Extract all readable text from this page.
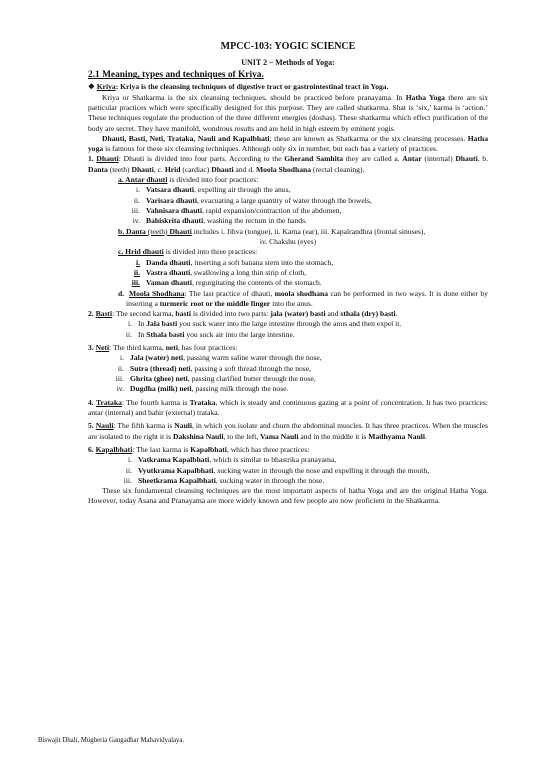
MPCC-103: YOGIC SCIENCE

UNIT 2 – Methods of Yoga:

2.1 Meaning, types and techniques of Kriya.

❖ Kriya: Kriya is the cleansing techniques of digestive tract or gastrointestinal tract in Yoga.

Kriya or Shatkarma is the six cleansing techniques, should be practiced before pranayama. In Hatha Yoga there are six particular practices which were specifically designed for this purpose. They are called shatkarma. Shat is ‘six,’ karma is ‘action.’ These techniques regulate the production of the three different energies (doshas). These shatkarma which effect purification of the body are secret. They have manifold, wondrous results and are held in high esteem by eminent yogis.

Dhauti, Basti, Neti, Trataka, Nauli and Kapalbhati; these are known as Shatkarma or the six cleansing processes. Hatha yoga is famous for these six cleansing techniques. Although only six in number, but each has a variety of practices.

1. Dhauti: Dhauti is divided into four parts. According to the Gherand Samhita they are called a. Antar (internal) Dhauti, b. Danta (teeth) Dhauti, c. Hrid (cardiac) Dhauti and d. Moola Shodhana (rectal cleaning).

a. Antar dhauti is divided into four practices:

i. Vatsara dhauti, expelling air through the anus,

ii. Varisara dhauti, evacuating a large quantity of water through the bowels,

iii. Vahnisara dhauti, rapid expansion/contraction of the abdomen,

iv. Bahiskrita dhauti, washing the rectum in the hands.

b. Danta (teeth) Dhauti includes i. Jihva (tongue), ii. Karna (ear), iii. Kapalrandhra (frontal sinuses),

iv. Chakshu (eyes)

c. Hrid dhauti is divided into three practices:

i. Danda dhauti, inserting a soft banana stem into the stomach,

ii. Vastra dhauti, swallowing a long thin strip of cloth,

iii. Vaman dhauti, regurgitating the contents of the stomach.

d. Moola Shodhana: The last practice of dhauti, moola shodhana can be performed in two ways. It is done either by inserting a turmeric root or the middle finger into the anus.

2. Basti: The second karma, basti is divided into two parts: jala (water) basti and sthala (dry) basti.

i. In Jala basti you suck water into the large intestine through the anus and then expel it.

ii. In Sthala basti you suck air into the large intestine.

3. Neti: The third karma, neti, has four practices:

i. Jala (water) neti, passing warm saline water through the nose,

ii. Sutra (thread) neti, passing a soft thread through the nose,

iii. Ghrita (ghee) neti, passing clarified butter through the nose,

iv. Dugdha (milk) neti, passing milk through the nose.

4. Trataka: The fourth karma is Trataka, which is steady and continuous gazing at a point of concentration. It has two practices: antar (internal) and bahir (external) trataka.

5. Nauli: The fifth karma is Nauli, in which you isolate and churn the abdominal muscles. It has three practices. When the muscles are isolated to the right it is Dakshina Nauli, to the left, Vama Nauli and in the middle it is Madhyama Nauli.

6. Kapalbhati: The last karma is Kapalbhati, which has three practices:

i. Vatkrama Kapalbhati, which is similar to bhastrika pranayama,

ii. Vyutkrama Kapalbhati, sucking water in through the nose and expelling it through the mouth,

iii. Sheetkrama Kapalbhati, sucking water in through the nose.

These six fundamental cleansing techniques are the most important aspects of hatha Yoga and are the original Hatha Yoga. However, today Asana and Pranayama are more widely known and few people are now proficient in the Shatkarma.

Biswajit Dhali, Mugberia Gangadhar Mahavidyalaya.
